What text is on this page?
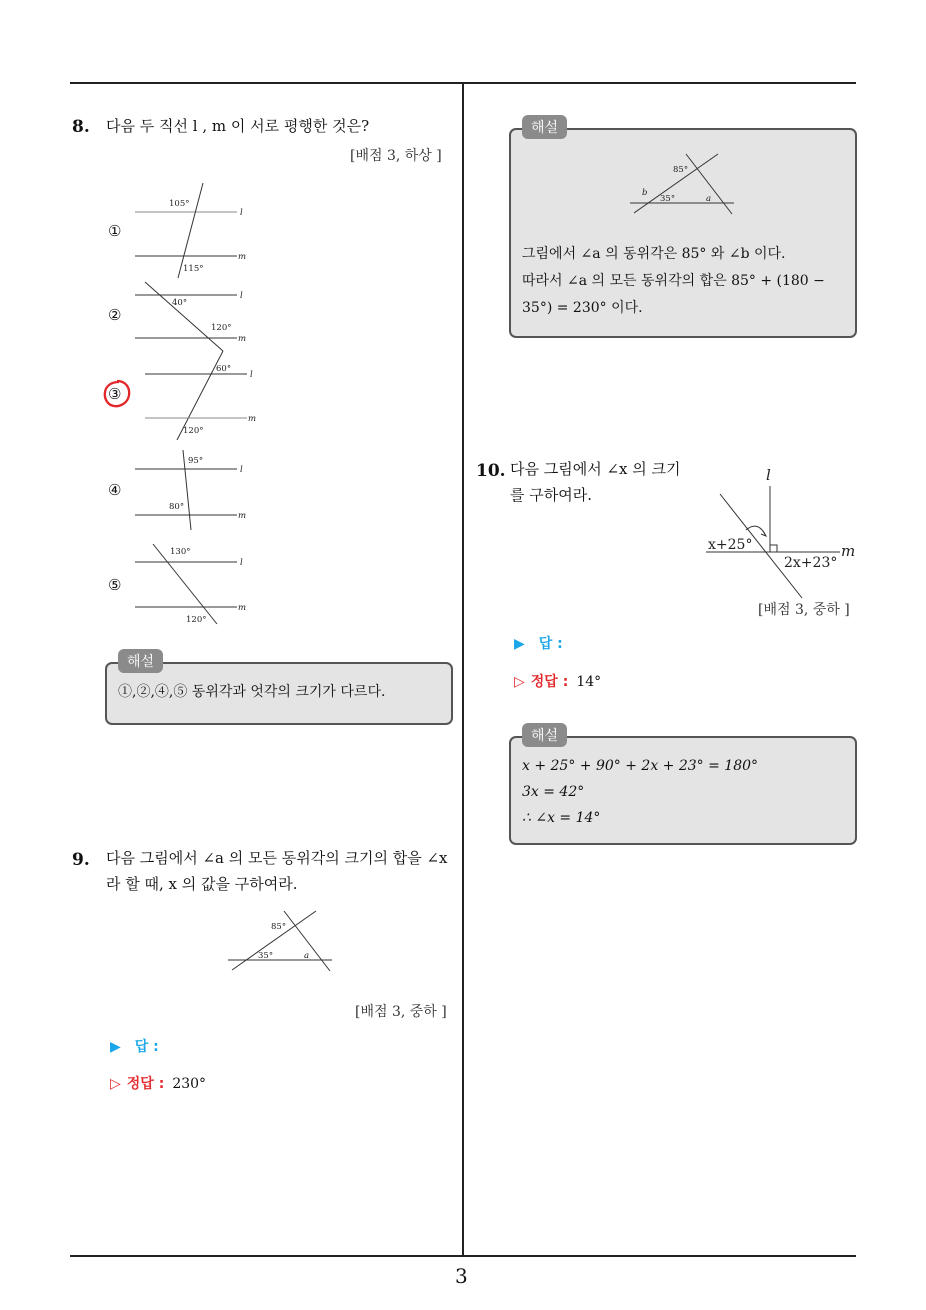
3
8. 다음 두 직선 l , m 이 서로 평행한 것은?
[배점 3, 하상 ]
①
②
③
④
⑤
105°
115°
l
m
40°
120°
l
m
60°
120°
l
m
95°
80°
l
m
130°
120°
l
m
해설
①,②,④,⑤ 동위각과 엇각의 크기가 다르다.
9. 다음 그림에서 ∠a 의 모든 동위각의 크기의 합을 ∠x
라 할 때, x 의 값을 구하여라.
85°
35°	a
[배점 3, 중하 ]
▶ 답 :
▷ 정답 : 230°
해설
85°
35°	a
b
그림에서 ∠a 의 동위각은 85° 와 ∠b 이다.
따라서 ∠a 의 모든 동위각의 합은 85° + (180 −
35°) = 230° 이다.
10. 다음 그림에서 ∠x 의 크기
를 구하여라.
l
m
x+25°
2x+23°
[배점 3, 중하 ]
▶ 답 :
▷ 정답 : 14°
해설
x + 25° + 90° + 2x + 23° = 180°
3x = 42°
∴ ∠x = 14°
